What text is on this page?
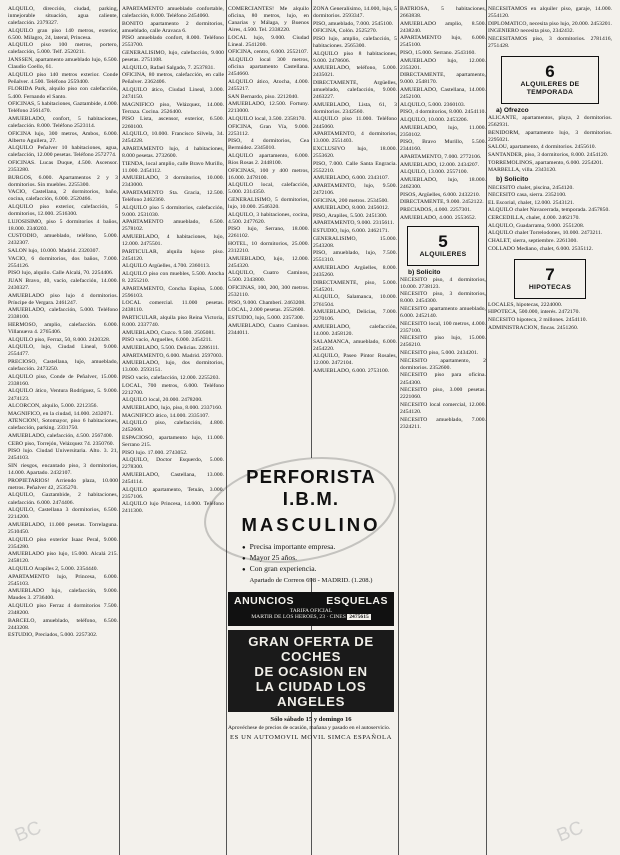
ALQUILO, dirección, ciudad, parking, inmejorable situación, agua caliente, calefacción. 2379327.

ALQUILO gran piso 140 metros, exterior, 6.500. Milagro, 24, lateral, Princesa.

ALQUILO piso 100 metros, portero, calefacción, 5.000. Telf. 2520211.

JANSSEN, apartamento amueblado lujo, 6.500. Claudio Coello, 61.

ALQUILO piso 140 metros exterior. Conde Peñalver. 4.500. Teléfono 2559400.

FLORIDA Park, alquilo piso con calefacción, 5.400. Fernando el Santo.

OFICINAS, 5 habitaciones, Gaztambide, 4.000. Teléfono 2561470.

AMUEBLADO, confort, 5 habitaciones, calefacción. 8.000. Teléfono 2523114.

OFICINA lujo, 300 metros, Ambos, 6.000. Alberto Aguilera, 27.

ALQUILO Peñalver 10 habitaciones, agua, calefacción, 12.000 pesetas. Teléfono 2572774.

OFICINAS. Lucas Duque, 4.500. Ascensor. 2353280.

BURGOS, 6.000. Apartamentos 2 y 3 dormitorios. Sin muebles. 2255300.

VACIO, Castellana, 2 dormitorios, baño, cocina, calefacción, 6.000. 2520466.

ALQUILO piso exterior, calefacción, 5 dormitorios, 12.000. 2516300.

LUJOSISIMO, piso 5 dormitorios 4 baños, 18.000. 2340203.

CUSTODIO, amueblado, teléfono, 5.000. 2432307.

SALON lujo, 10.000. Madrid. 2320307.

VACIO, 6 dormitorios, dos baños, 7.000. 2554126.

PISO lujo, alquilo. Calle Alcalá, 70. 2254406.

JUAN Bravo, 40, vacío, calefacción, 14.000. 2430327.

AMUEBLADO piso lujo 4 dormitorios. Príncipe de Vergara. 2461247.

AMUEBLADO, calefacción, 5.000. Teléfono 2338100.

HERMOSO, amplio, calefacción. 6.000. Villanueva 4. 2765406.

ALQUILO piso, Ferraz, 50, 8.000. 2420328.

ALQUILO, lujo, Ciudad Lineal, 9.000. 2554477.

PRECIOSO, Castellana, lujo, amueblado, calefacción. 2473250.

ALQUILO piso, Conde de Peñalver, 15.000. 2338160.

ALQUILO ático, Ventura Rodríguez, 5. 9.000. 2474123.

ALCORCON, alquilo, 5.000. 2212356.

MAGNIFICO, en la ciudad, 14.000. 2432071.

ATENCION!, Sotomayor, piso 6 habitaciones, calefacción, parking. 2331750.

AMUEBLADO, calefacción, 4.500. 2567400.

CEBO piso, Torrejón, Velázquez 74. 2350760.

PISO lujo. Ciudad Universitaria. Alto. 3. 21, 2454103.

SIN riesgos, encantado piso, 3 dormitorios, 14.000. Apartado. 2432107.

PROPIETARIOS! Arriendo plaza, 10.000 metros. Peñalver 42, 2535270.

ALQUILO, Gaztambide, 2 habitaciones, calefacción. 6.000. 2474406.

ALQUILO, Castellana 3 dormitorios, 6.500. 2214200.

AMUEBLADO, 11.000 pesetas. Torrelaguna. 2510450.

ALQUILO piso exterior Isaac Peral, 9.000. 2354280.

AMUEBLADO piso lujo, 15.000. Alcalá 215. 2458120.

ALQUILO Arapiles 2, 5.000. 2354440.

APARTAMENTO lujo, Princesa, 6.000. 2545103.

AMUEBLADO lujo, calefacción, 9.000. Maudes 3. 2736400.

ALQUILO piso Ferraz 4 dormitorios 7.500. 2348200.

BARCELO, amueblado, teléfono, 6.500. 2443208.

ESTUDIO, Preciados, 5.000. 2257302.

APARTAMENTO amueblado confortable, calefacción, 8.000. Teléfono 2454060.

BONITO apartamento 2 dormitorios, amueblado, calle Aravaca 6.

PISO amueblado confort, 8.000. Teléfono 2553700.

GENERALISIMO, lujo, calefacción, 9.000 pesetas. 2751108.

ALQUILO, Rafael Salgado, 7. 2537831.

OFICINA, 80 metros, calefacción, en calle Peñalver. 2362406.

ALQUILO ático, Ciudad Lineal, 3.000. 2474150.

MAGNIFICO piso, Velázquez, 14.000. Terraza. Cocina. 2526400.

PISO Lista, ascensor, exterior, 6.500. 2260100.

ALQUILO, 10.000. Francisco Silvela, 34. 2454228.

APARTAMENTO lujo, 4 habitaciones, 8.000 pesetas. 2732600.

TIENDA, local amplio, calle Bravo Murillo, 11.000. 2454112.

AMUEBLADO, 3 dormitorios, 10.000. 2343000.

APARTAMENTO Sta. Gracia, 12.500. Teléfono 2462360.

ALQUILO piso 5 dormitorios, calefacción, 9.000. 2531030.

APARTAMENTO amueblado, 6.500. 2578102.

AMUEBLADO, 4 habitaciones, lujo, 12.000. 2475501.

PARTICULAR, alquila lujoso piso. 2454120.

ALQUILO Argüelles, 4.700. 2360113.

ALQUILO piso con muebles, 5.500. Atocha 8. 2255210.

APARTAMENTO, Concha Espina, 5.000. 2596103.

LOCAL comercial. 11.000 pesetas. 2438110.

PARTICULAR, alquila piso Reina Victoria, 8.000. 2337740.

AMUEBLADO, Cuzco. 9.500. 2505081.

PISO vacío, Arguelles, 6.000. 2454211.

AMUEBLADO, 5.500. Delicias. 2286111.

APARTAMENTO, 6.000. Madrid. 2597003.

AMUEBLADO, lujo, dos dormitorios, 13.000. 2593151.

PISO vacío, calefacción, 12.000. 2255203.

LOCAL, 700 metros, 6.000. Teléfono 2212700.

ALQUILO local, 20.000. 2478200.

AMUEBLADO, lujo, piso, 8.000. 2337160.

MAGNIFICO ático, 14.000. 2335107.

ALQUILO piso, calefacción, 4.800. 2452600.

ESPACIOSO, apartamento lujo, 11.000. Serrano 215.

PISO lujo. 17.000. 2743052.

ALQUILO, Doctor Esquerdo, 5.000. 2278300.

AMUEBLADO, Castellana, 13.000. 2454114.

ALQUILO apartamento, Tetuán, 3.000. 2357106.

ALQUILO lujo Princesa, 14.000. Teléfono 2411300.

COMERCIANTES! Me alquilo oficina, 80 metros, lujo, en Canarias y Málaga, y Buenos Aires, 4.500. Tel. 2338220.

LOCAL lujo, 9.000. Ciudad Lineal. 2541200.

OFICINA, centro, 6.000. 2552107.

ALQUILO local 300 metros, oficina apartamento Castellana. 2454660.

ALQUILO ático, Atocha, 4.000. 2455217.

SAN Bernardo, piso. 2212040.

AMUEBLADO, 12.500. Fortuny. 2213000.

ALQUILO local, 3.500. 2358170.

OFICINA, Gran Vía, 9.000. 2253112.

PISO, 4 dormitorios, Cea Bermúdez. 2345010.

ALQUILO apartamento, 6.000. Ríos Rosas 2. 2448100.

OFICINAS, 100 y 400 metros, 16.000. 2478100.

ALQUILO local, calefacción, 5.000. 2314350.

GENERALISIMO, 5 dormitorios, lujo, 10.000. 2546320.

ALQUILO, 3 habitaciones, cocina, 4.500. 2477620.

PISO lujo, Serrano, 18.000. 2261102.

HOTEL, 10 dormitorios, 25.000. 2312210.

AMUEBLADO, lujo, 12.000. 2454320.

ALQUILO, Cuatro Caminos, 5.500. 2343800.

OFICINAS, 100, 200, 300 metros. 2532110.

PISO, 9.000. Chamberí. 2463208.

LOCAL, 2.000 pesetas. 2552600.

ESTUDIO, lujo, 5.000. 2357300.

AMUEBLADO, Cuatro Caminos. 2344011.

ZONA Generalísimo, 14.000, lujo, 5 dormitorios. 2593347.

PISO, amueblado, 7.000. 2545100.

OFICINA, Colón. 2525270.

PISO lujo, amplio, calefacción, 5 habitaciones. 2565300.

ALQUILO piso 8 habitaciones, 9.000. 2478606.

AMUEBLADO, teléfono, 5.000. 2435021.

DIRECTAMENTE, Argüelles, amueblado, calefacción, 9.000. 2463227.

AMUEBLADO, Lista, 61, 3 dormitorios. 2342560.

ALQUILO piso 11.000. Teléfono 2445060.

APARTAMENTO, 4 dormitorios, 13.000. 2551403.

EXCLUSIVO lujo, 18.000. 2553620.

PISO, 7.000. Calle Santa Engracia. 2552210.

AMUEBLADO, 6.000. 2343107.

APARTAMENTO, lujo, 9.500. 2472106.

OFICINA, 200 metros. 2534500.

AMUEBLADO, 8.000. 2456012.

PISO, Arapiles, 5.500. 2451300.

APARTAMENTO, 9.000. 2315611.

ESTUDIO, lujo, 6.000. 2462171.

GENERALISIMO, 15.000. 2543208.

PISO, amueblado, lujo, 7.500. 2551310.

AMUEBLADO Argüelles, 8.000. 2435260.

DIRECTAMENTE, piso, 5.000. 2545201.

ALQUILO, Salamanca, 10.000. 2761504.

AMUEBLADO, Delicias, 7.000. 2270106.

AMUEBLADO, calefacción, 14.000. 2458120.

SALAMANCA, amueblado, 6.000. 2454220.

ALQUILO, Paseo Pintor Rosales, 12.000. 2472104.

AMUEBLADO, 6.000. 2753100.

BATRIOSA, 5 habitaciones, 2663838.

AMUEBLADO amplio, 8.500. 2438240.

APARTAMENTO lujo, 6.000. 2545100.

PISO, 15.000. Serrano. 2543160.

AMUEBLADO lujo, 12.000. 2353201.

DIRECTAMENTE, apartamento, 9.000. 2548170.

AMUEBLADO, Castellana, 14.000. 2452100.

ALQUILO, 5.000. 2360103.

PISO, 4 dormitorios, 8.000. 2454110.

ALQUILO, 10.000. 2453206.

AMUEBLADO, lujo, 11.000. 2350102.

PISO, Bravo Murillo, 5.500. 2344160.

APARTAMENTO, 7.000. 2772106.

AMUEBLADO, 12.000. 2434207.

ALQUILO, 13.000. 2557100.

AMUEBLADO, lujo, 18.000. 2462300.

PISOS, Argüelles, 6.000. 2432210.

DIRECTAMENTE, 9.000. 2452122.

PRECIADOS, 4.000. 2257301.

AMUEBLADO, 4.000. 2553652.

5
ALQUILERES
b) Solicito

NECESITO piso, 4 dormitorios, 10.000. 2738123.

NECESITO piso, 3 dormitorios, 8.000. 2454300.

NECESITO apartamento amueblado, 6.000. 2452140.

NECESITO local, 100 metros, 4.000. 2357100.

NECESITO piso lujo, 15.000. 2456210.

NECESITO piso, 5.000. 2434201.

NECESITO apartamento, 2 dormitorios. 2352600.

NECESITO piso para oficina. 2454300.

NECESITO piso, 3.000 pesetas. 2221060.

NECESITO local comercial, 12.000. 2454120.

NECESITO amueblado, 7.000. 2324211.

NECESITAMOS en alquiler piso, garaje, 14.000. 2554120.

DIPLOMATICO, necesita piso lujo, 20.000. 2453201.

INGENIERO necesita piso, 2342432.

NECESITAMOS piso, 3 dormitorios. 2781416, 2751428.

6
ALQUILERES DE TEMPORADA
a) Ofrezco

ALICANTE, apartamentos, playa, 2 dormitorios. 2562931.

BENIDORM, apartamento lujo, 3 dormitorios. 2295021.

SALOU, apartamento, 4 dormitorios. 2455610.

SANTANDER, piso, 3 dormitorios, 8.000. 2454120.

TORREMOLINOS, apartamento, 6.000. 2254201.

MARBELLA, villa. 2343120.

b) Solicito

NECESITO chalet, piscina, 2454120.

NECESITO casa, sierra. 2352100.

EL Escorial, chalet, 12.000. 2543121.

ALQUILO chalet Navacerrada, temporada. 2457850.

CERCEDILLA, chalet, 4.000. 2462170.

ALQUILO, Guadarrama, 9.000. 2551208.

ALQUILO chalet Torrelodones, 10.000. 2473211.

CHALET, sierra, septiembre. 2261300.

COLLADO Mediano, chalet, 6.000. 2535112.

7
HIPOTECAS

LOCALES, hipotecas, 2224000.

HIPOTECA, 500.000, interés. 2472170.

NECESITO hipoteca, 2 millones. 2454110.

ADMINISTRACION, fincas. 2451260.

PERFORISTA I.B.M.
MASCULINO
● Precisa importante empresa.
● Mayor 25 años.
● Con gran experiencia.
Apartado de Correos 698 - MADRID. (1.208.)
ANUNCIOS	ESQUELAS
TARIFA OFICIAL
MARTIR DE LOS HEROES, 23 · CINES 2475615
GRAN OFERTA DE COCHES
DE OCASION EN
LA CIUDAD LOS ANGELES
Sólo sábado 15 y domingo 16
Aprovéchese de precios de ocasión, mañana y pasado en el autoservicio.
ES UN AUTOMOVIL MOVIL SIMCA ESPAÑOLA
BC	BC
